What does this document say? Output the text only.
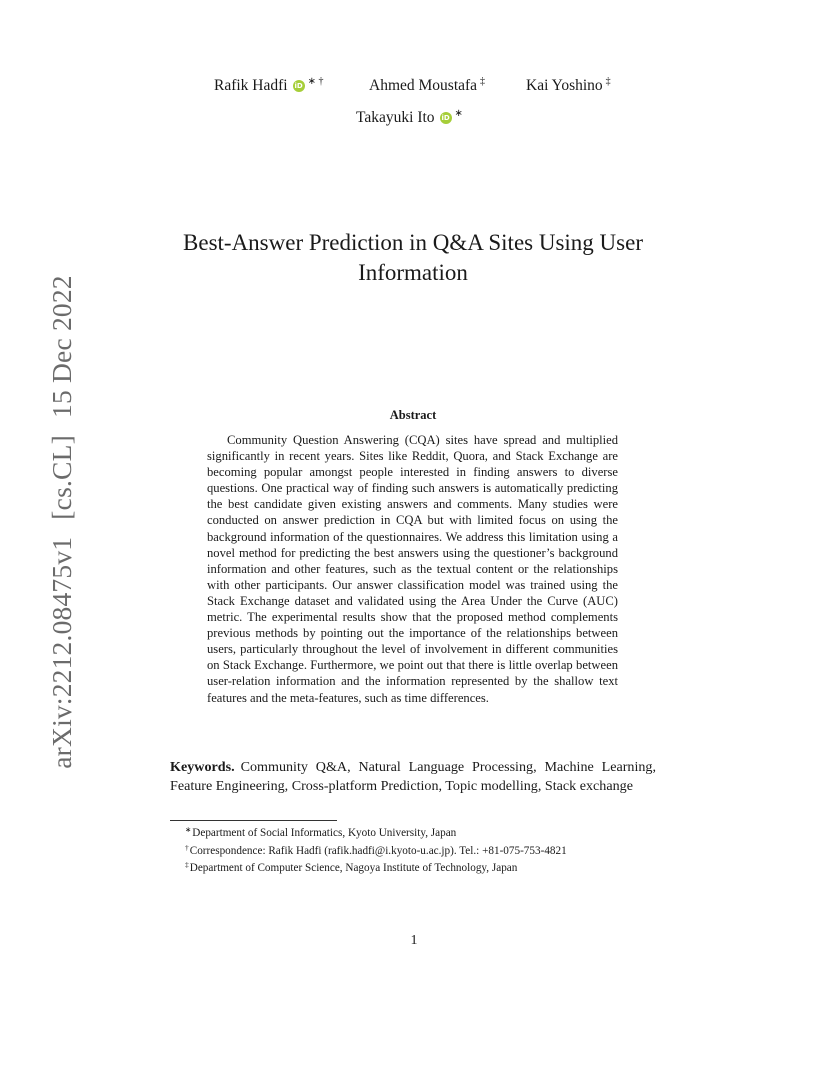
arXiv:2212.08475v1 [cs.CL] 15 Dec 2022
Best-Answer Prediction in Q&A Sites Using User Information
Rafik Hadfi iD ∗ †	Ahmed Moustafa ‡	Kai Yoshino ‡
Takayuki Ito iD ∗
Abstract

Community Question Answering (CQA) sites have spread and multiplied significantly in recent years. Sites like Reddit, Quora, and Stack Exchange are becoming popular amongst people interested in finding answers to diverse questions. One practical way of finding such answers is automatically predicting the best candidate given existing answers and comments. Many studies were conducted on answer prediction in CQA but with limited focus on using the background information of the questionnaires. We address this limitation using a novel method for predicting the best answers using the questioner’s background information and other features, such as the textual content or the relationships with other participants. Our answer classification model was trained using the Stack Exchange dataset and validated using the Area Under the Curve (AUC) metric. The experimental results show that the proposed method complements previous methods by pointing out the importance of the relationships between users, particularly throughout the level of involvement in different communities on Stack Exchange. Furthermore, we point out that there is little overlap between user-relation information and the information represented by the shallow text features and the meta-features, such as time differences.

Keywords. Community Q&A, Natural Language Processing, Machine Learning, Feature Engineering, Cross-platform Prediction, Topic modelling, Stack exchange

∗Department of Social Informatics, Kyoto University, Japan
†Correspondence: Rafik Hadfi (rafik.hadfi@i.kyoto-u.ac.jp). Tel.: +81-075-753-4821
‡Department of Computer Science, Nagoya Institute of Technology, Japan
1
